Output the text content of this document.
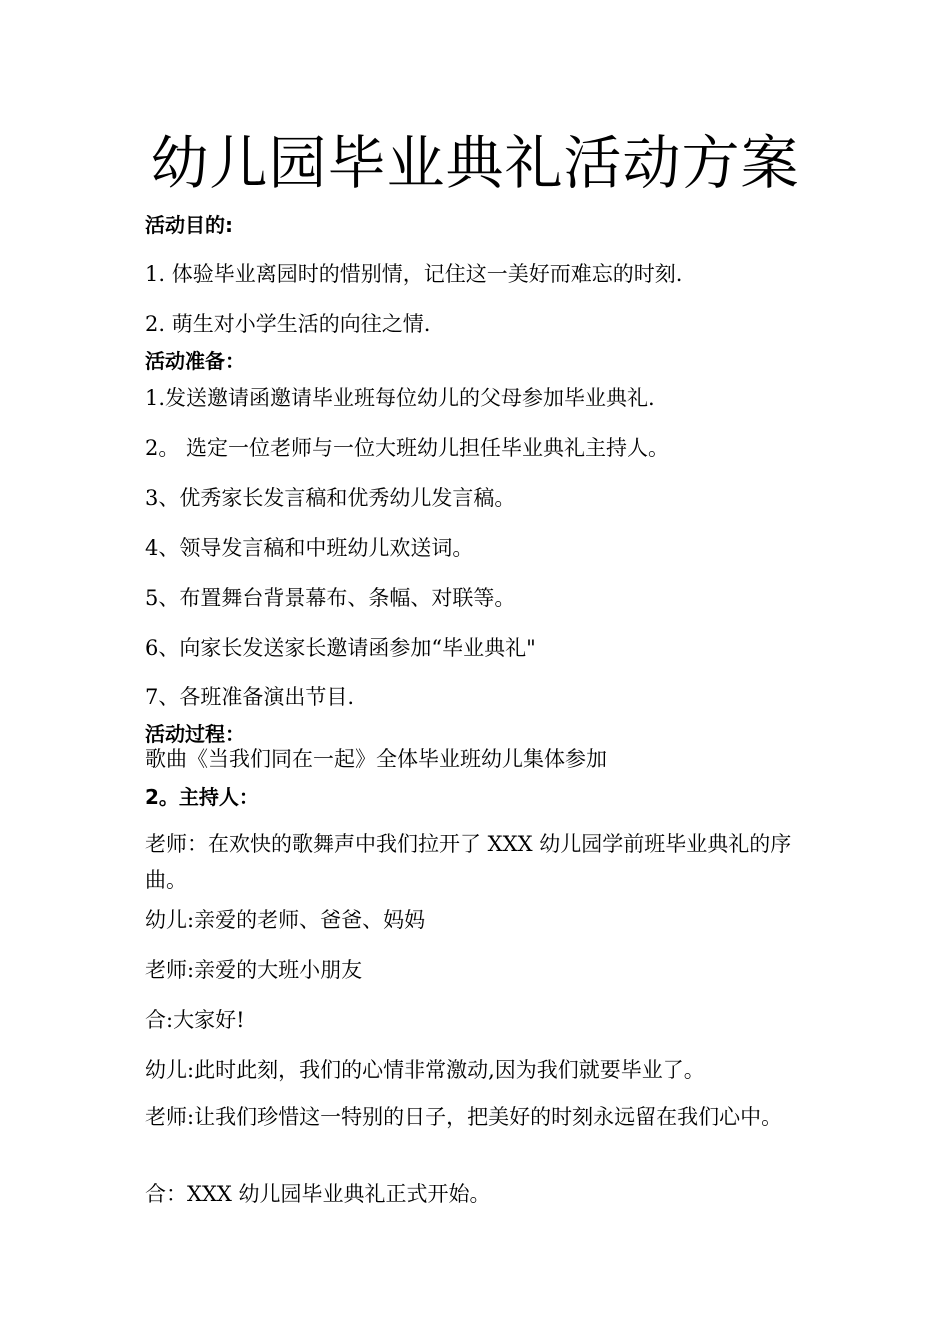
幼儿园毕业典礼活动方案
活动目的:
1. 体验毕业离园时的惜别情，记住这一美好而难忘的时刻.
2. 萌生对小学生活的向往之情.
活动准备：
1.发送邀请函邀请毕业班每位幼儿的父母参加毕业典礼.
2。 选定一位老师与一位大班幼儿担任毕业典礼主持人。
3、优秀家长发言稿和优秀幼儿发言稿。
4、领导发言稿和中班幼儿欢送词。
5、布置舞台背景幕布、条幅、对联等。
6、向家长发送家长邀请函参加“毕业典礼"
7、各班准备演出节目.
活动过程：
歌曲《当我们同在一起》全体毕业班幼儿集体参加
2。主持人：
老师：在欢快的歌舞声中我们拉开了 XXX 幼儿园学前班毕业典礼的序曲。
幼儿:亲爱的老师、爸爸、妈妈
老师:亲爱的大班小朋友
合:大家好!
幼儿:此时此刻，我们的心情非常激动,因为我们就要毕业了。
老师:让我们珍惜这一特别的日子，把美好的时刻永远留在我们心中。
合：XXX 幼儿园毕业典礼正式开始。
